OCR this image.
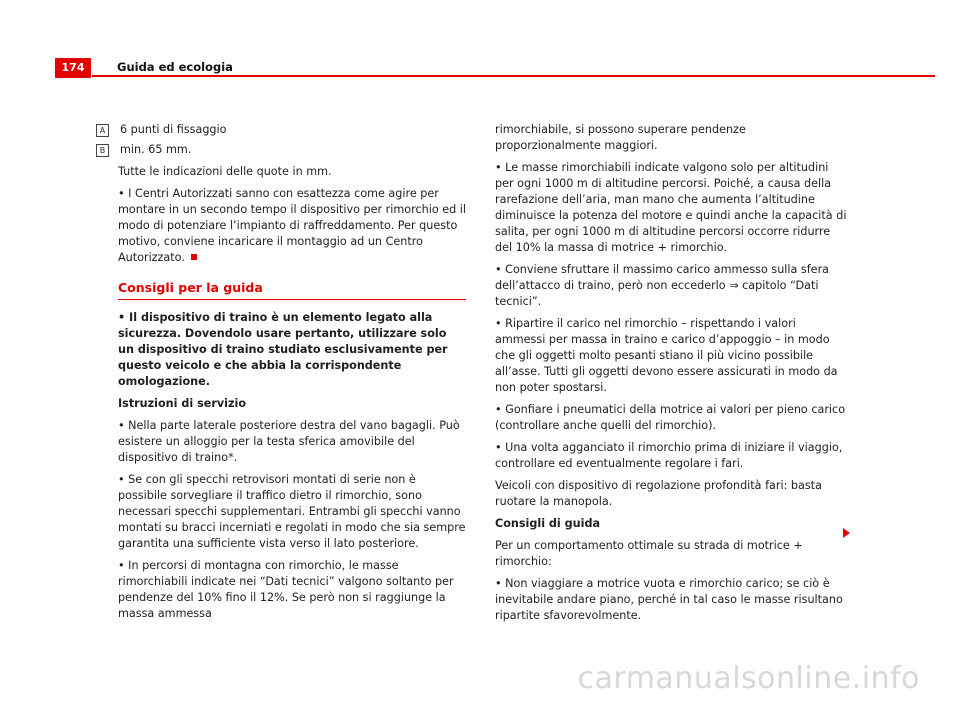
174	Guida ed ecologia
A	6 punti di fissaggio
B	min. 65 mm.

Tutte le indicazioni delle quote in mm.

• I Centri Autorizzati sanno con esattezza come agire per montare in un secondo tempo il dispositivo per rimorchio ed il modo di potenziare l’impianto di raffreddamento. Per questo motivo, conviene incaricare il montaggio ad un Centro Autorizzato.

Consigli per la guida

• Il dispositivo di traino è un elemento legato alla sicurezza. Dovendolo usare pertanto, utilizzare solo un dispositivo di traino studiato esclusivamente per questo veicolo e che abbia la corrispondente omologazione.

Istruzioni di servizio

• Nella parte laterale posteriore destra del vano bagagli. Può esistere un alloggio per la testa sferica amovibile del dispositivo di traino*.

• Se con gli specchi retrovisori montati di serie non è possibile sorvegliare il traffico dietro il rimorchio, sono necessari specchi supplementari. Entrambi gli specchi vanno montati su bracci incerniati e regolati in modo che sia sempre garantita una sufficiente vista verso il lato posteriore.

• In percorsi di montagna con rimorchio, le masse rimorchiabili indicate nei “Dati tecnici” valgono soltanto per pendenze del 10% fino il 12%. Se però non si raggiunge la massa ammessa

rimorchiabile, si possono superare pendenze proporzionalmente maggiori.

• Le masse rimorchiabili indicate valgono solo per altitudini per ogni 1000 m di altitudine percorsi. Poiché, a causa della rarefazione dell’aria, man mano che aumenta l’altitudine diminuisce la potenza del motore e quindi anche la capacità di salita, per ogni 1000 m di altitudine percorsi occorre ridurre del 10% la massa di motrice + rimorchio.

• Conviene sfruttare il massimo carico ammesso sulla sfera dell’attacco di traino, però non eccederlo ⇒ capitolo “Dati tecnici”.

• Ripartire il carico nel rimorchio – rispettando i valori ammessi per massa in traino e carico d’appoggio – in modo che gli oggetti molto pesanti stiano il più vicino possibile all’asse. Tutti gli oggetti devono essere assicurati in modo da non poter spostarsi.

• Gonfiare i pneumatici della motrice ai valori per pieno carico (controllare anche quelli del rimorchio).

• Una volta agganciato il rimorchio prima di iniziare il viaggio, controllare ed eventualmente regolare i fari.

Veicoli con dispositivo di regolazione profondità fari: basta ruotare la manopola.

Consigli di guida

Per un comportamento ottimale su strada di motrice + rimorchio:

• Non viaggiare a motrice vuota e rimorchio carico; se ciò è inevitabile andare piano, perché in tal caso le masse risultano ripartite sfavorevolmente.

carmanualsonline.info
